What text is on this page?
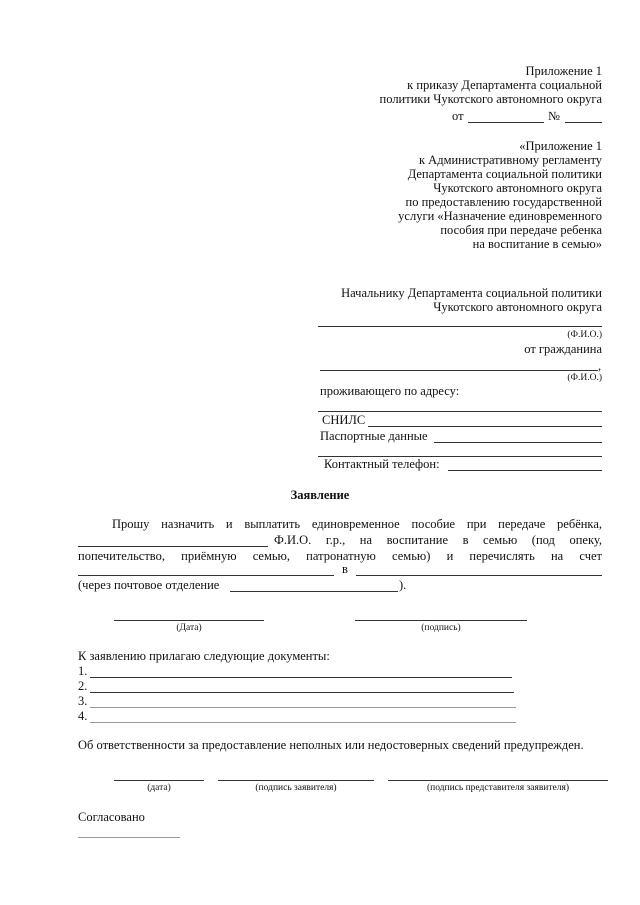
Приложение 1
к приказу Департамента социальной
политики Чукотского автономного округа
от	№
«Приложение 1
к Административному регламенту
Департамента социальной политики
Чукотского автономного округа
по предоставлению государственной
услуги «Назначение единовременного
пособия при передаче ребенка
на воспитание в семью»
Начальнику Департамента социальной политики
Чукотского автономного округа
(Ф.И.О.)
от гражданина
,
(Ф.И.О.)
проживающего по адресу:
СНИЛС
Паспортные данные
Контактный телефон:
Заявление
Прошу назначить и выплатить единовременное пособие при передаче ребёнка,
Ф.И.О. г.р., на воспитание в семью (под опеку,
попечительство, приёмную семью, патронатную семью) и перечислять на счет
в
(через почтовое отделение	).
(Дата)	(подпись)
К заявлению прилагаю следующие документы:
1.
2.
3.
4.
Об ответственности за предоставление неполных или недостоверных сведений предупрежден.
(дата)	(подпись заявителя)	(подпись представителя заявителя)
Согласовано
